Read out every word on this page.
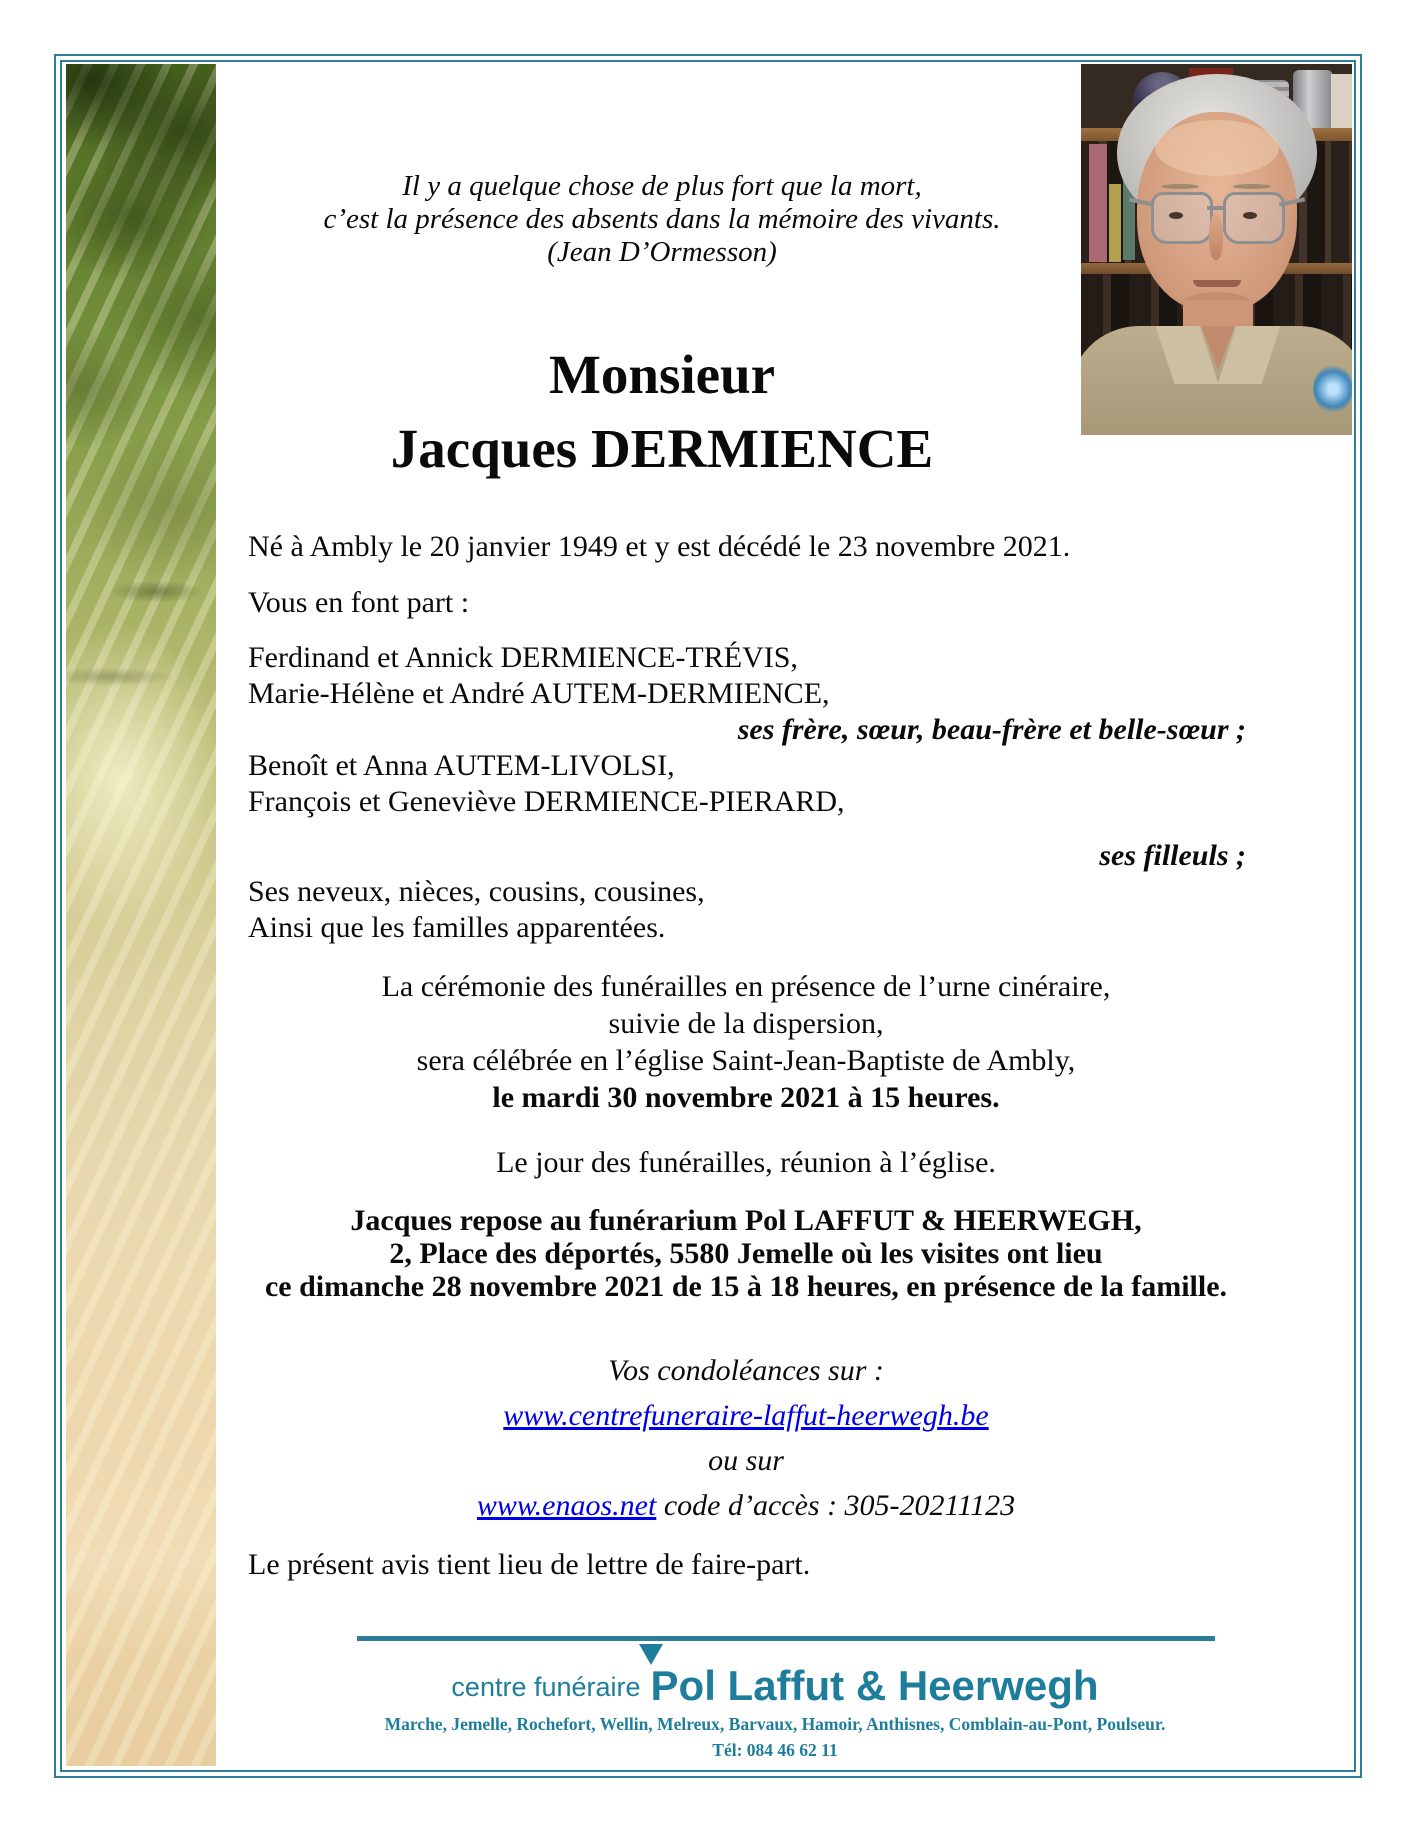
Il y a quelque chose de plus fort que la mort,
c’est la présence des absents dans la mémoire des vivants.
(Jean D’Ormesson)
Monsieur
Jacques DERMIENCE
Né à Ambly le 20 janvier 1949 et y est décédé le 23 novembre 2021.
Vous en font part :
Ferdinand et Annick DERMIENCE-TRÉVIS,
Marie-Hélène et André AUTEM-DERMIENCE,
ses frère, sœur, beau-frère et belle-sœur ;
Benoît et Anna AUTEM-LIVOLSI,
François et Geneviève DERMIENCE-PIERARD,
ses filleuls ;
Ses neveux, nièces, cousins, cousines,
Ainsi que les familles apparentées.
La cérémonie des funérailles en présence de l’urne cinéraire,
suivie de la dispersion,
sera célébrée en l’église Saint-Jean-Baptiste de Ambly,
le mardi 30 novembre 2021 à 15 heures.
Le jour des funérailles, réunion à l’église.
Jacques repose au funérarium Pol LAFFUT & HEERWEGH,
2, Place des déportés, 5580 Jemelle où les visites ont lieu
ce dimanche 28 novembre 2021 de 15 à 18 heures, en présence de la famille.
Vos condoléances sur :
www.centrefuneraire-laffut-heerwegh.be
ou sur
www.enaos.net code d’accès : 305-20211123
Le présent avis tient lieu de lettre de faire-part.
centre funéraire Pol Laffut & Heerwegh
Marche, Jemelle, Rochefort, Wellin, Melreux, Barvaux, Hamoir, Anthisnes, Comblain-au-Pont, Poulseur.
Tél: 084 46 62 11
